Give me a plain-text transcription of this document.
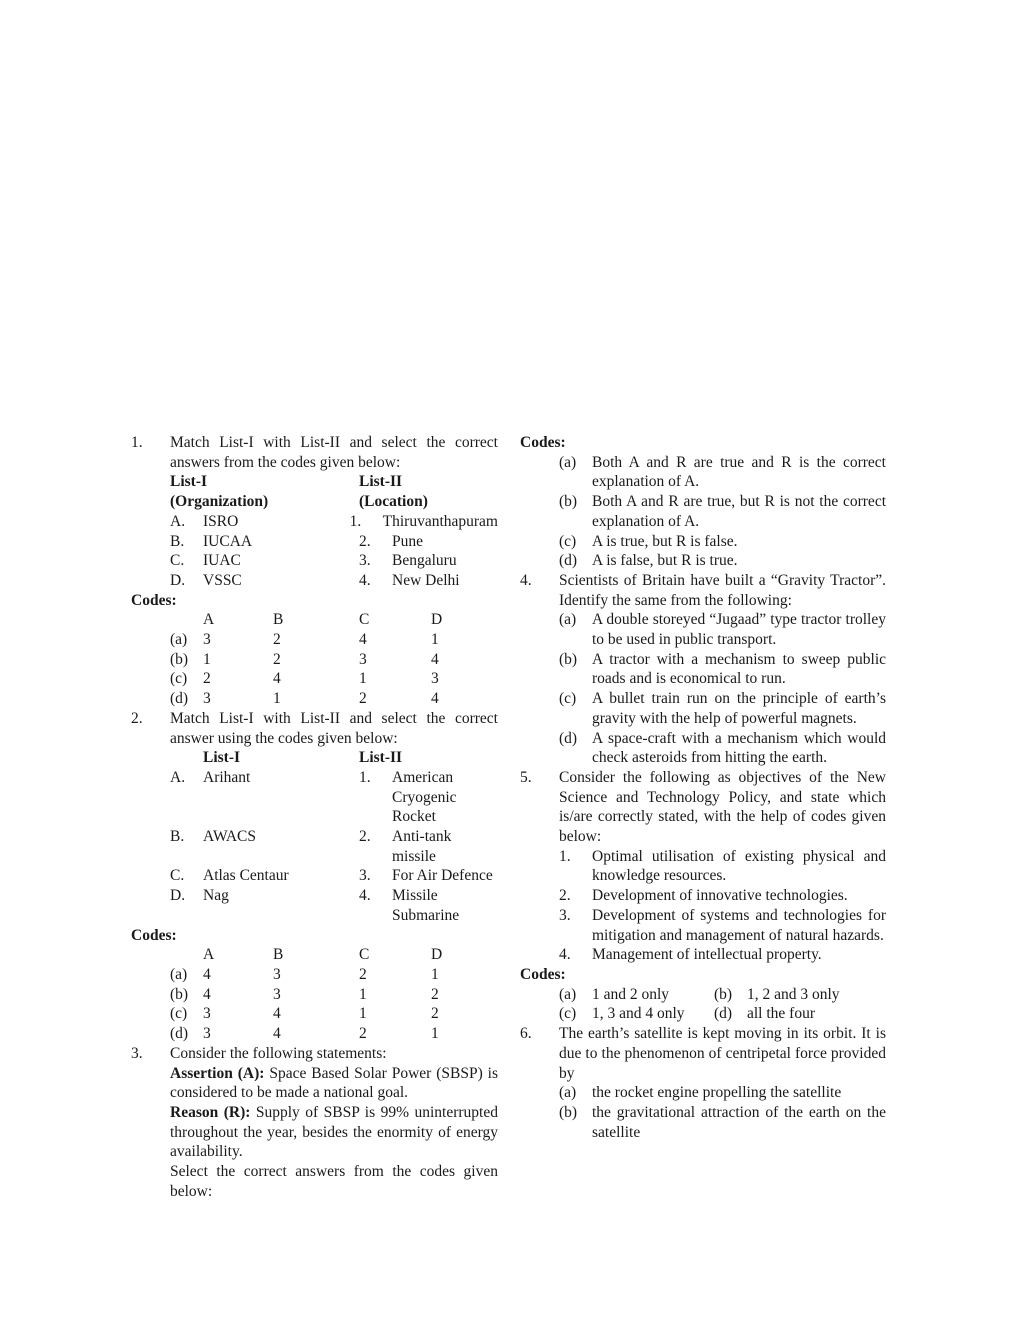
1. Match List-I with List-II and select the correct answers from the codes given below:
List-I	List-II
(Organization)	(Location)
A.	ISRO	1.	Thiruvanthapuram
B.	IUCAA	2.	Pune
C.	IUAC	3.	Bengaluru
D.	VSSC	4.	New Delhi
Codes:
A	B	C	D
(a)	3	2	4	1
(b) 1	2	3	4
(c)	2	4	1	3
(d) 3	1	2	4
2. Match List-I with List-II and select the correct answer using the codes given below:
List-I	List-II
A.	Arihant	1.	American Cryogenic Rocket
B.	AWACS	2.	Anti-tank missile
C.	Atlas Centaur	3.	For Air Defence
D.	Nag	4.	Missile Submarine
Codes:
A	B	C	D
(a)	4	3	2	1
(b) 4	3	1	2
(c)	3	4	1	2
(d) 3	4	2	1
3. Consider the following statements:
Assertion (A): Space Based Solar Power (SBSP) is considered to be made a national goal.
Reason (R): Supply of SBSP is 99% uninterrupted throughout the year, besides the enormity of energy availability.
Select the correct answers from the codes given below:
Codes:
(a) Both A and R are true and R is the correct explanation of A.
(b) Both A and R are true, but R is not the correct explanation of A.
(c) A is true, but R is false.
(d) A is false, but R is true.
4. Scientists of Britain have built a “Gravity Tractor”. Identify the same from the following:
(a) A double storeyed “Jugaad” type tractor trolley to be used in public transport.
(b) A tractor with a mechanism to sweep public roads and is economical to run.
(c) A bullet train run on the principle of earth’s gravity with the help of powerful magnets.
(d) A space-craft with a mechanism which would check asteroids from hitting the earth.
5. Consider the following as objectives of the New Science and Technology Policy, and state which is/are correctly stated, with the help of codes given below:
1. Optimal utilisation of existing physical and knowledge resources.
2. Development of innovative technologies.
3. Development of systems and technologies for mitigation and management of natural hazards.
4. Management of intellectual property.
Codes:
(a)	1 and 2 only	(b) 1, 2 and 3 only
(c)	1, 3 and 4 only	(d) all the four
6. The earth’s satellite is kept moving in its orbit. It is due to the phenomenon of centripetal force provided by
(a) the rocket engine propelling the satellite
(b) the gravitational attraction of the earth on the satellite
